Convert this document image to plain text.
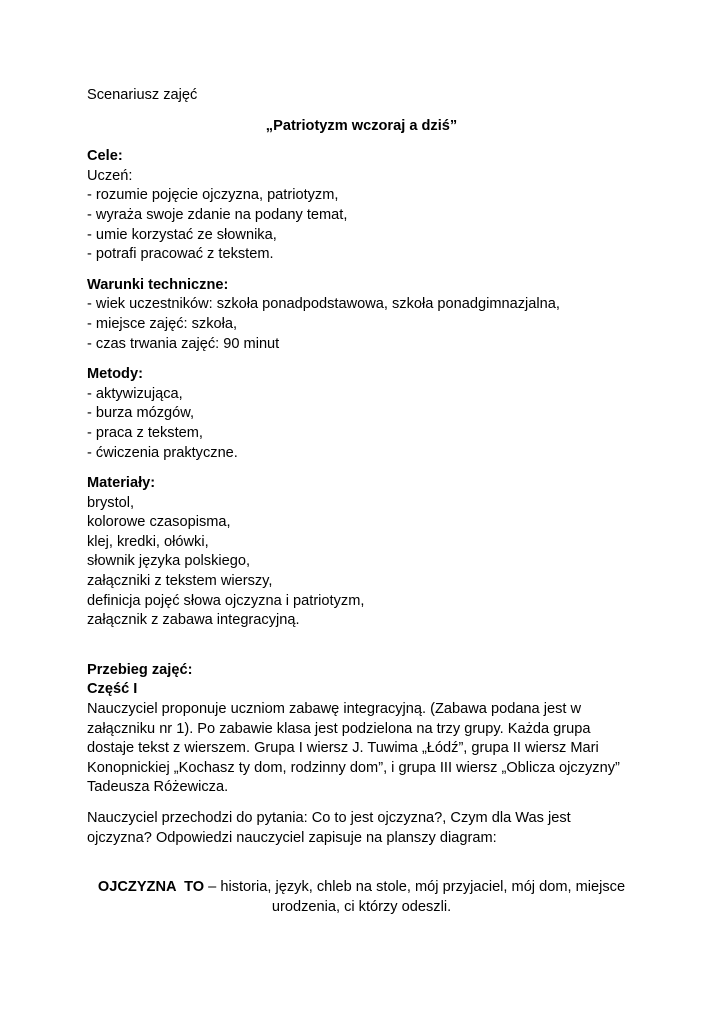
Scenariusz zajęć
„Patriotyzm wczoraj a dziś”
Cele:
Uczeń:
- rozumie pojęcie ojczyzna, patriotyzm,
- wyraża swoje zdanie na podany temat,
- umie korzystać ze słownika,
- potrafi pracować z tekstem.
Warunki techniczne:
- wiek uczestników: szkoła ponadpodstawowa, szkoła ponadgimnazjalna,
- miejsce zajęć: szkoła,
- czas trwania zajęć: 90 minut
Metody:
- aktywizująca,
- burza mózgów,
- praca z tekstem,
- ćwiczenia praktyczne.
Materiały:
brystol,
kolorowe czasopisma,
klej, kredki, ołówki,
słownik języka polskiego,
załączniki z tekstem wierszy,
definicja pojęć słowa ojczyzna i patriotyzm,
załącznik z zabawa integracyjną.
Przebieg zajęć:
Część I
Nauczyciel proponuje uczniom zabawę integracyjną. (Zabawa podana jest w
załączniku nr 1). Po zabawie klasa jest podzielona na trzy grupy. Każda grupa
dostaje tekst z wierszem. Grupa I wiersz J. Tuwima „Łódź”, grupa II wiersz Mari
Konopnickiej „Kochasz ty dom, rodzinny dom”, i grupa III wiersz „Oblicza ojczyzny”
Tadeusza Różewicza.
Nauczyciel przechodzi do pytania: Co to jest ojczyzna?, Czym dla Was jest
ojczyzna? Odpowiedzi nauczyciel zapisuje na planszy diagram:
OJCZYZNA  TO – historia, język, chleb na stole, mój przyjaciel, mój dom, miejsce
urodzenia, ci którzy odeszli.
